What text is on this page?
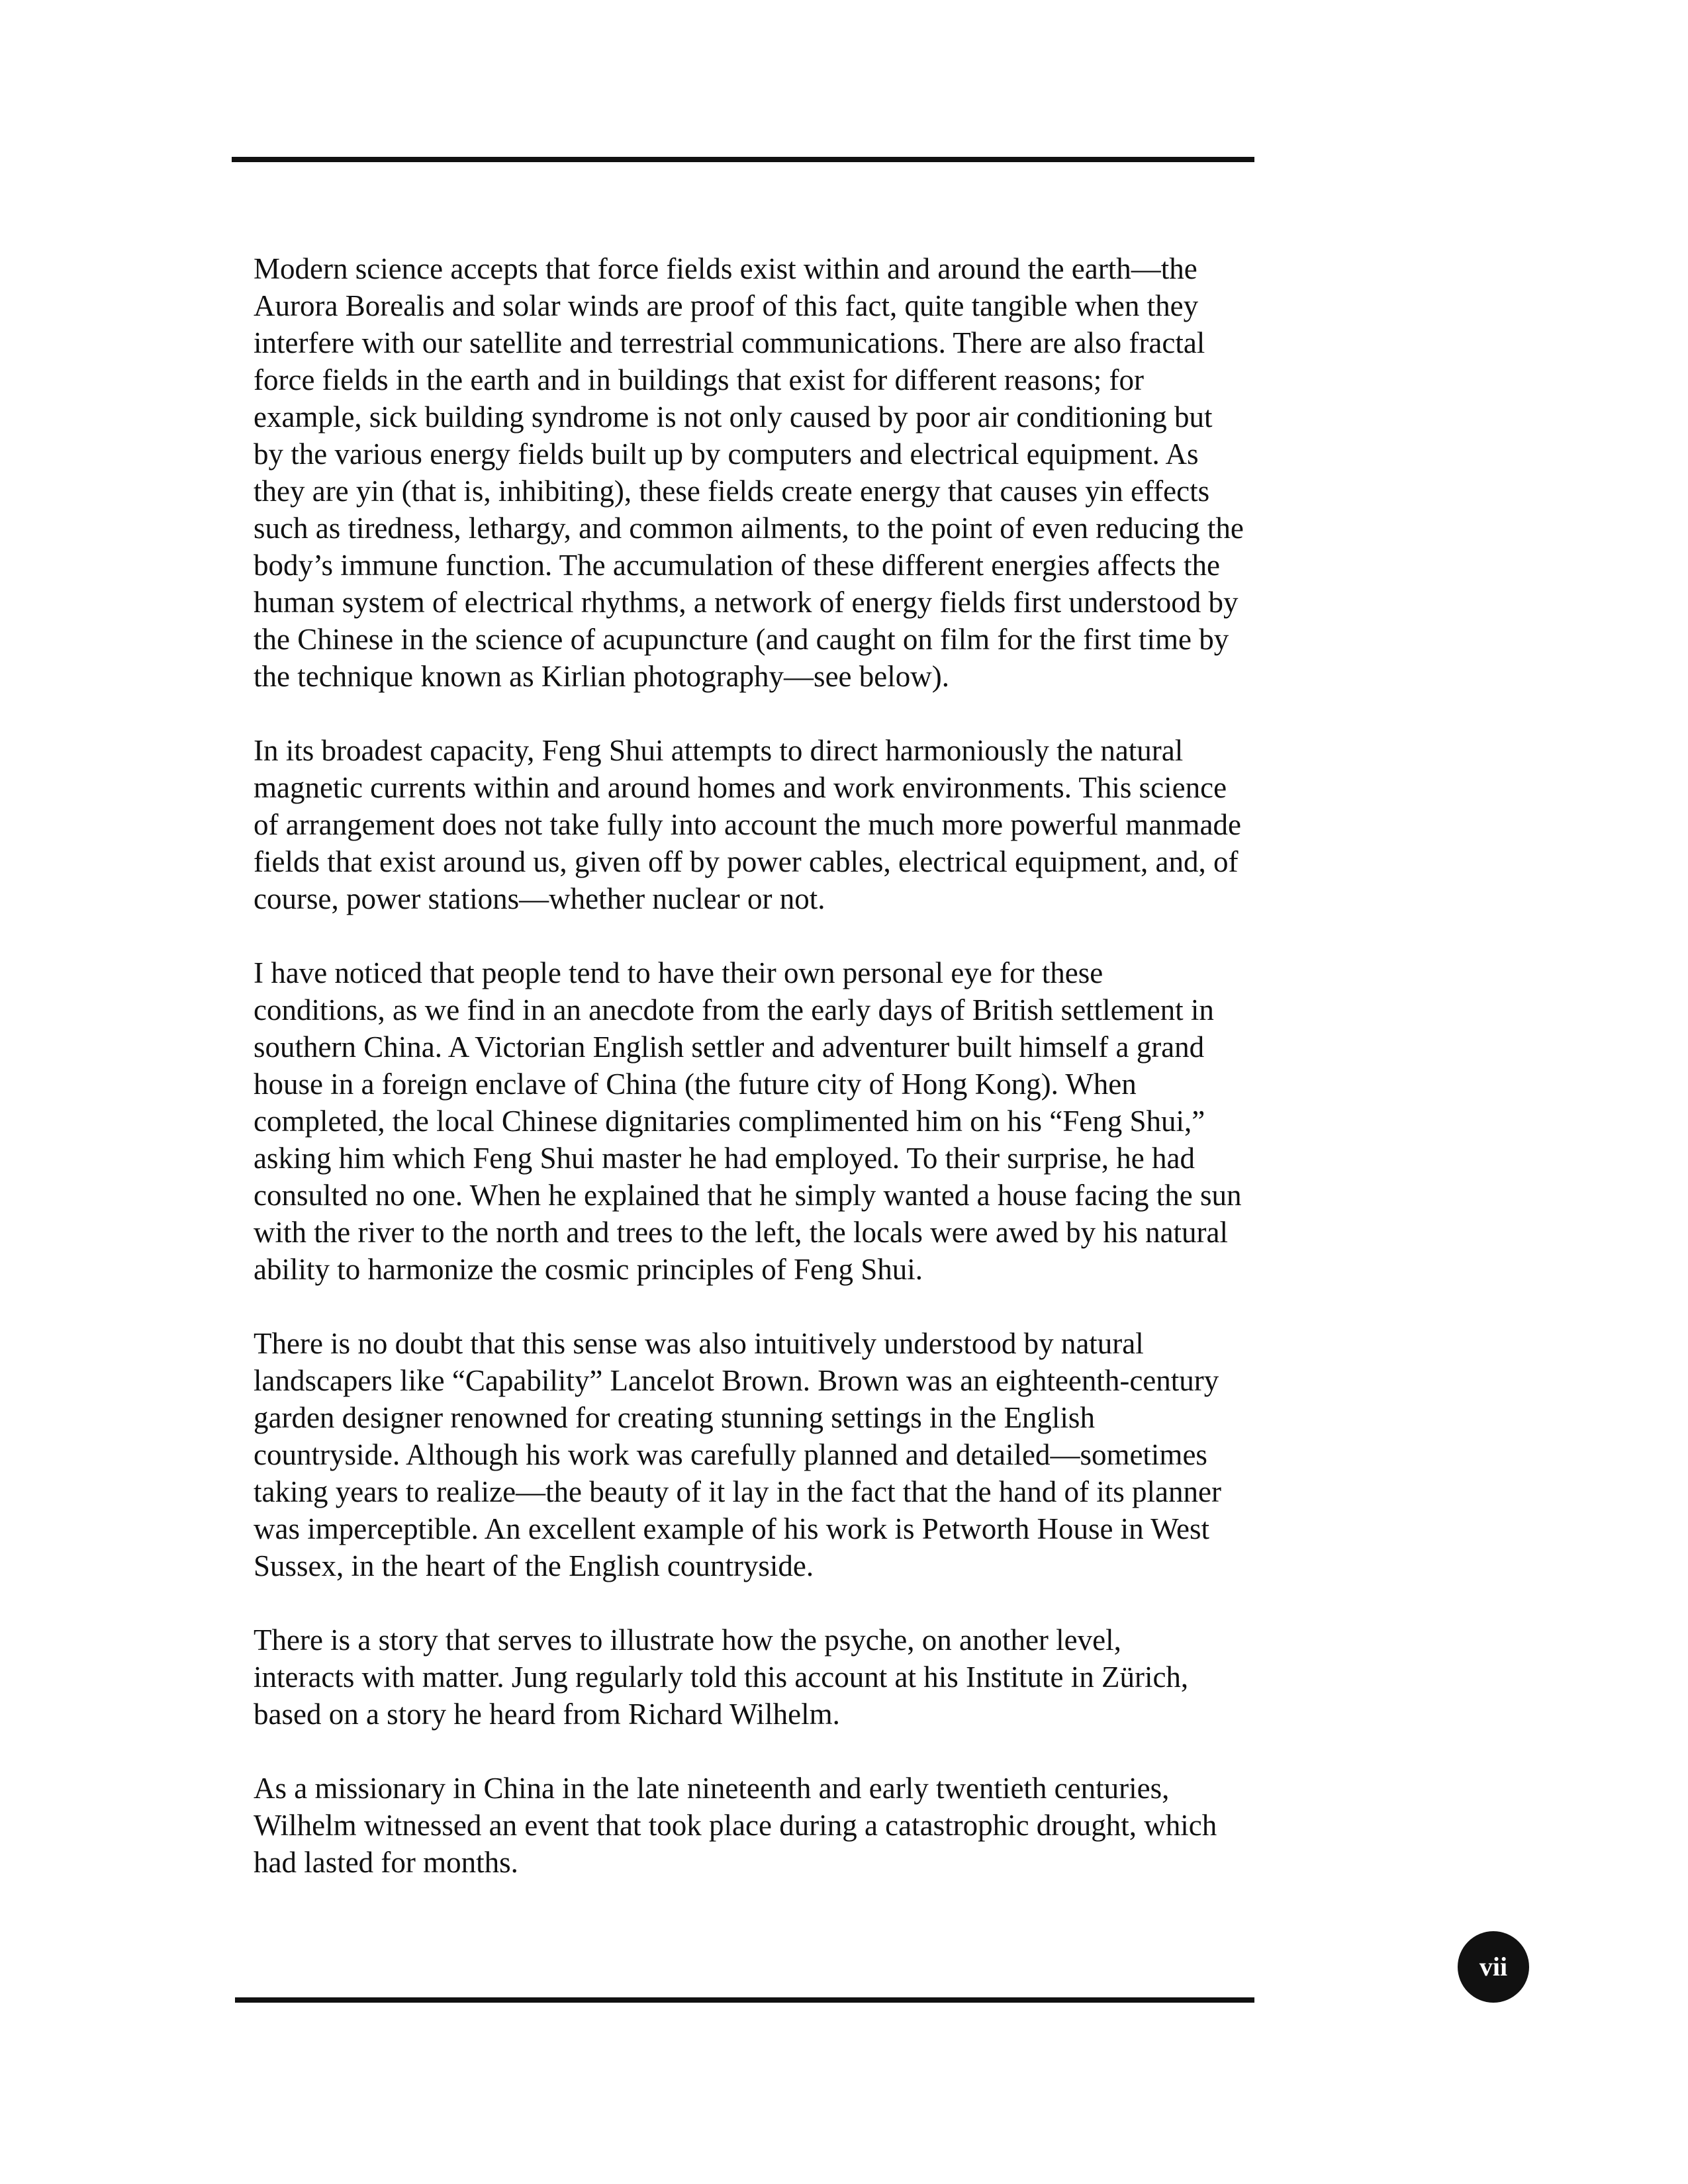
Modern science accepts that force fields exist within and around the earth—the
Aurora Borealis and solar winds are proof of this fact, quite tangible when they
interfere with our satellite and terrestrial communications. There are also fractal
force fields in the earth and in buildings that exist for different reasons; for
example, sick building syndrome is not only caused by poor air conditioning but
by the various energy fields built up by computers and electrical equipment. As
they are yin (that is, inhibiting), these fields create energy that causes yin effects
such as tiredness, lethargy, and common ailments, to the point of even reducing the
body’s immune function. The accumulation of these different energies affects the
human system of electrical rhythms, a network of energy fields first understood by
the Chinese in the science of acupuncture (and caught on film for the first time by
the technique known as Kirlian photography—see below).

In its broadest capacity, Feng Shui attempts to direct harmoniously the natural
magnetic currents within and around homes and work environments. This science
of arrangement does not take fully into account the much more powerful manmade
fields that exist around us, given off by power cables, electrical equipment, and, of
course, power stations—whether nuclear or not.

I have noticed that people tend to have their own personal eye for these
conditions, as we find in an anecdote from the early days of British settlement in
southern China. A Victorian English settler and adventurer built himself a grand
house in a foreign enclave of China (the future city of Hong Kong). When
completed, the local Chinese dignitaries complimented him on his “Feng Shui,”
asking him which Feng Shui master he had employed. To their surprise, he had
consulted no one. When he explained that he simply wanted a house facing the sun
with the river to the north and trees to the left, the locals were awed by his natural
ability to harmonize the cosmic principles of Feng Shui.

There is no doubt that this sense was also intuitively understood by natural
landscapers like “Capability” Lancelot Brown. Brown was an eighteenth-century
garden designer renowned for creating stunning settings in the English
countryside. Although his work was carefully planned and detailed—sometimes
taking years to realize—the beauty of it lay in the fact that the hand of its planner
was imperceptible. An excellent example of his work is Petworth House in West
Sussex, in the heart of the English countryside.

There is a story that serves to illustrate how the psyche, on another level,
interacts with matter. Jung regularly told this account at his Institute in Zürich,
based on a story he heard from Richard Wilhelm.

As a missionary in China in the late nineteenth and early twentieth centuries,
Wilhelm witnessed an event that took place during a catastrophic drought, which
had lasted for months.

vii
